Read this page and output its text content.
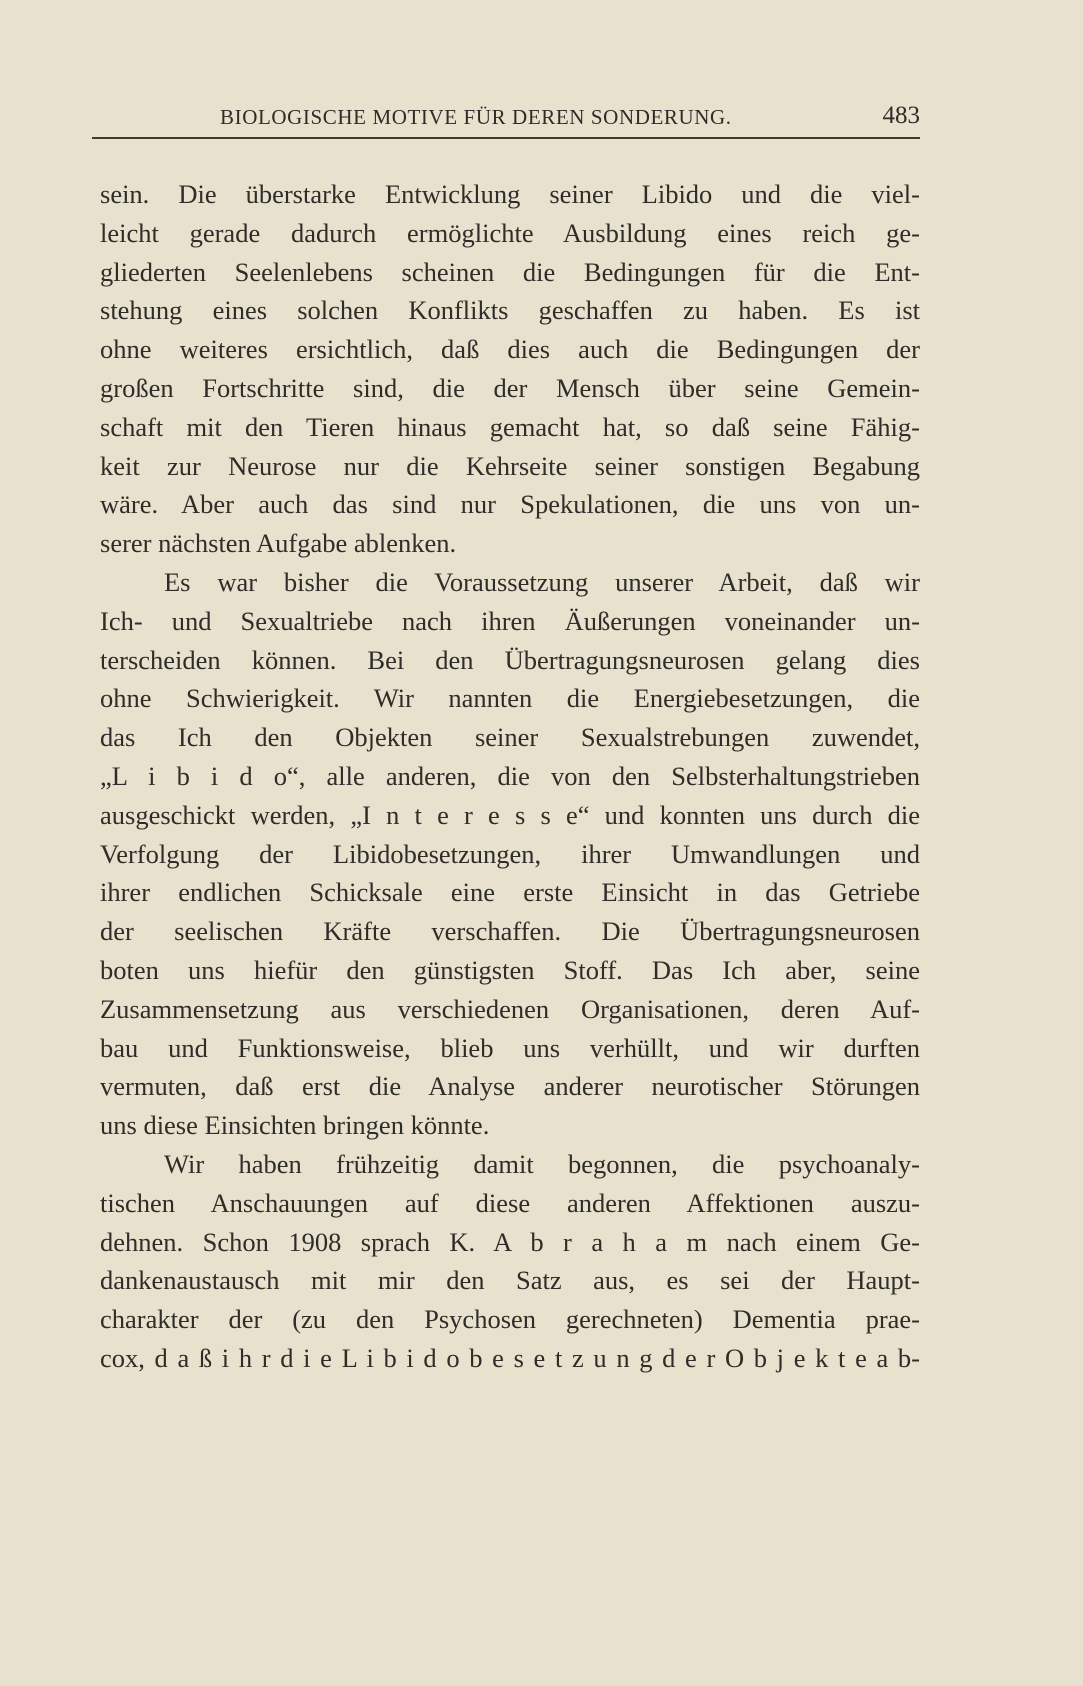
BIOLOGISCHE MOTIVE FÜR DEREN SONDERUNG.	483
sein. Die überstarke Entwicklung seiner Libido und die viel-
leicht gerade dadurch ermöglichte Ausbildung eines reich ge-
gliederten Seelenlebens scheinen die Bedingungen für die Ent-
stehung eines solchen Konflikts geschaffen zu haben. Es ist
ohne weiteres ersichtlich, daß dies auch die Bedingungen der
großen Fortschritte sind, die der Mensch über seine Gemein-
schaft mit den Tieren hinaus gemacht hat, so daß seine Fähig-
keit zur Neurose nur die Kehrseite seiner sonstigen Begabung
wäre. Aber auch das sind nur Spekulationen, die uns von un-
serer nächsten Aufgabe ablenken.
Es war bisher die Voraussetzung unserer Arbeit, daß wir
Ich- und Sexualtriebe nach ihren Äußerungen voneinander un-
terscheiden können. Bei den Übertragungsneurosen gelang dies
ohne Schwierigkeit. Wir nannten die Energiebesetzungen, die
das Ich den Objekten seiner Sexualstrebungen zuwendet,
„L i b i d o“, alle anderen, die von den Selbsterhaltungstrieben
ausgeschickt werden, „I n t e r e s s e“ und konnten uns durch die
Verfolgung der Libidobesetzungen, ihrer Umwandlungen und
ihrer endlichen Schicksale eine erste Einsicht in das Getriebe
der seelischen Kräfte verschaffen. Die Übertragungsneurosen
boten uns hiefür den günstigsten Stoff. Das Ich aber, seine
Zusammensetzung aus verschiedenen Organisationen, deren Auf-
bau und Funktionsweise, blieb uns verhüllt, und wir durften
vermuten, daß erst die Analyse anderer neurotischer Störungen
uns diese Einsichten bringen könnte.
Wir haben frühzeitig damit begonnen, die psychoanaly-
tischen Anschauungen auf diese anderen Affektionen auszu-
dehnen. Schon 1908 sprach K. A b r a h a m nach einem Ge-
dankenaustausch mit mir den Satz aus, es sei der Haupt-
charakter der (zu den Psychosen gerechneten) Dementia prae-
cox, d a ß i h r d i e L i b i d o b e s e t z u n g d e r O b j e k t e a b-
